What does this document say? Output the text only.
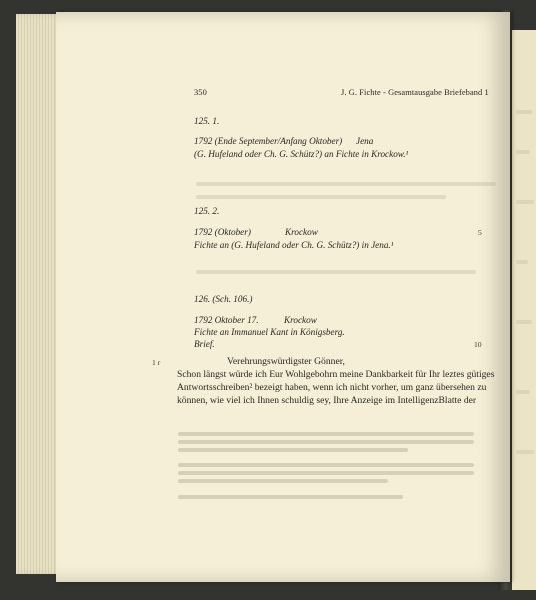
350	J. G. Fichte - Gesamtausgabe Briefeband 1
125. 1.
1792 (Ende September/Anfang Oktober) Jena
(G. Hufeland oder Ch. G. Schütz?) an Fichte in Krockow.¹
125. 2.
1792 (Oktober)	Krockow	5
Fichte an (G. Hufeland oder Ch. G. Schütz?) in Jena.¹
126. (Sch. 106.)
1792 Oktober 17.	Krockow
Fichte an Immanuel Kant in Königsberg.
Brief.	10
1 r	Verehrungswürdigster Gönner,
Schon längst würde ich Eur Wohlgebohrn meine Dankbarkeit für Ihr leztes gütiges
Antwortsschreiben² bezeigt haben, wenn ich nicht vorher, um ganz übersehen zu
können, wie viel ich Ihnen schuldig sey, Ihre Anzeige im IntelligenzBlatte der
